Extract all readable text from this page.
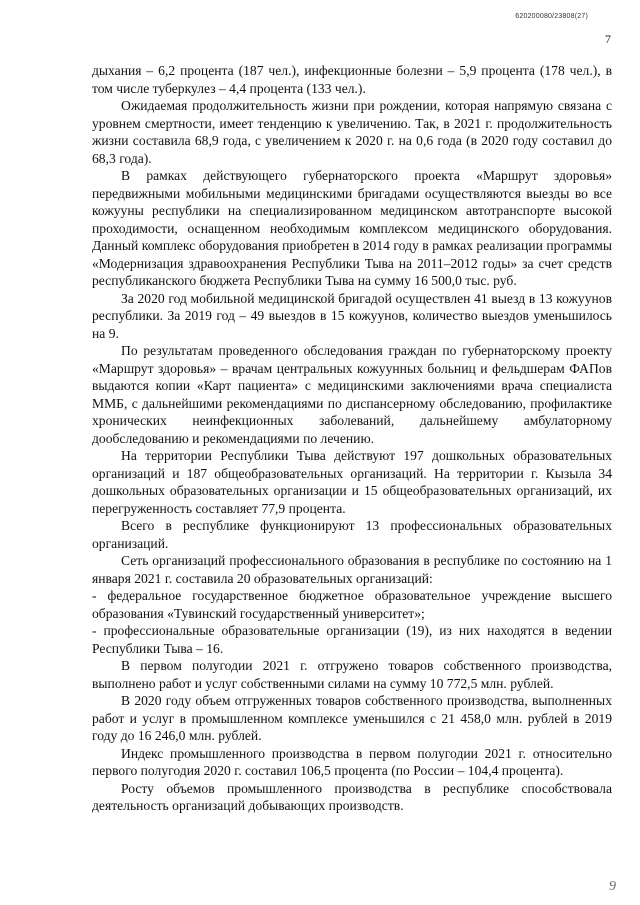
620200080/23808(27)
7

дыхания – 6,2 процента (187 чел.), инфекционные болезни – 5,9 процента (178 чел.), в том числе туберкулез – 4,4 процента (133 чел.).

Ожидаемая продолжительность жизни при рождении, которая напрямую связана с уровнем смертности, имеет тенденцию к увеличению. Так, в 2021 г. продолжительность жизни составила 68,9 года, с увеличением к 2020 г. на 0,6 года (в 2020 году составил до 68,3 года).

В рамках действующего губернаторского проекта «Маршрут здоровья» передвижными мобильными медицинскими бригадами осуществляются выезды во все кожууны республики на специализированном медицинском автотранспорте высокой проходимости, оснащенном необходимым комплексом медицинского оборудования. Данный комплекс оборудования приобретен в 2014 году в рамках реализации программы «Модернизация здравоохранения Республики Тыва на 2011–2012 годы» за счет средств республиканского бюджета Республики Тыва на сумму 16 500,0 тыс. руб.

За 2020 год мобильной медицинской бригадой осуществлен 41 выезд в 13 кожуунов республики. За 2019 год – 49 выездов в 15 кожуунов, количество выездов уменьшилось на 9.

По результатам проведенного обследования граждан по губернаторскому проекту «Маршрут здоровья» – врачам центральных кожуунных больниц и фельдшерам ФАПов выдаются копии «Карт пациента» с медицинскими заключениями врача специалиста ММБ, с дальнейшими рекомендациями по диспансерному обследованию, профилактике хронических неинфекционных заболеваний, дальнейшему амбулаторному дообследованию и рекомендациями по лечению.

На территории Республики Тыва действуют 197 дошкольных образовательных организаций и 187 общеобразовательных организаций. На территории г. Кызыла 34 дошкольных образовательных организации и 15 общеобразовательных организаций, их перегруженность составляет 77,9 процента.

Всего в республике функционируют 13 профессиональных образовательных организаций.

Сеть организаций профессионального образования в республике по состоянию на 1 января 2021 г. составила 20 образовательных организаций:

- федеральное государственное бюджетное образовательное учреждение высшего образования «Тувинский государственный университет»;

- профессиональные образовательные организации (19), из них находятся в ведении Республики Тыва – 16.

В первом полугодии 2021 г. отгружено товаров собственного производства, выполнено работ и услуг собственными силами на сумму 10 772,5 млн. рублей.

В 2020 году объем отгруженных товаров собственного производства, выполненных работ и услуг в промышленном комплексе уменьшился с 21 458,0 млн. рублей в 2019 году до 16 246,0 млн. рублей.

Индекс промышленного производства в первом полугодии 2021 г. относительно первого полугодия 2020 г. составил 106,5 процента (по России – 104,4 процента).

Росту объемов промышленного производства в республике способствовала деятельность организаций добывающих производств.

9
